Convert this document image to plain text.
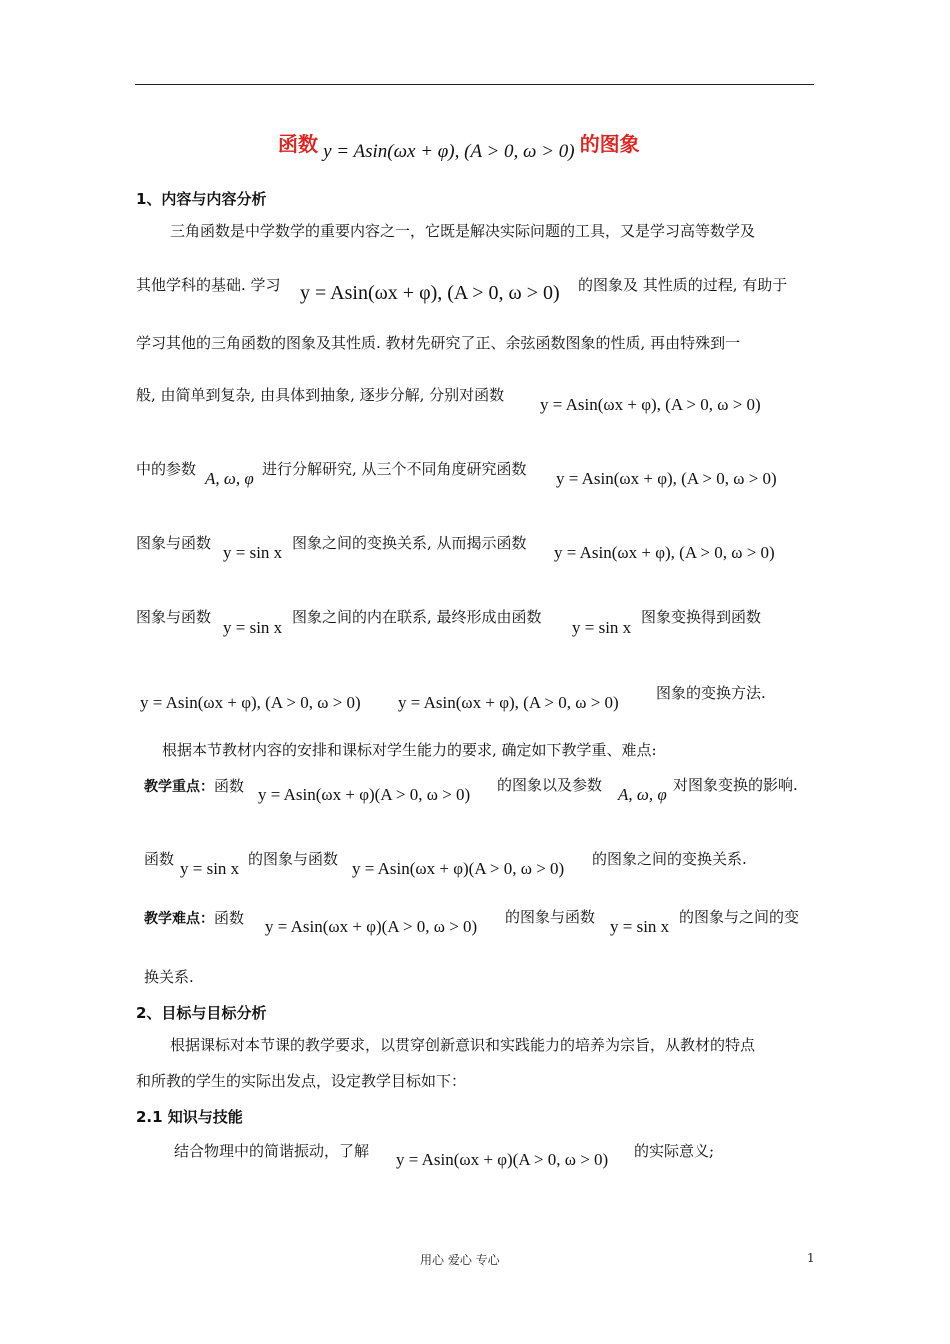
函数 y = Asin(ωx + φ), (A > 0, ω > 0) 的图象
1、内容与内容分析
三角函数是中学数学的重要内容之一，它既是解决实际问题的工具，又是学习高等数学及
其他学科的基础. 学习 y = Asin(ωx + φ), (A > 0, ω > 0) 的图象及 其性质的过程, 有助于
学习其他的三角函数的图象及其性质. 教材先研究了正、余弦函数图象的性质, 再由特殊到一
般, 由简单到复杂, 由具体到抽象, 逐步分解, 分别对函数 y = Asin(ωx + φ), (A > 0, ω > 0)
中的参数 A, ω, φ 进行分解研究, 从三个不同角度研究函数 y = Asin(ωx + φ), (A > 0, ω > 0)
图象与函数 y = sin x 图象之间的变换关系, 从而揭示函数 y = Asin(ωx + φ), (A > 0, ω > 0)
图象与函数
y = sin x
图象之间的内在联系, 最终形成由函数
y = sin x
图象变换得到函数
y = Asin(ωx + φ), (A > 0, ω > 0) y = Asin(ωx + φ), (A > 0, ω > 0) 图象的变换方法.
根据本节教材内容的安排和课标对学生能力的要求, 确定如下教学重、难点:
教学重点：函数 y = Asin(ωx + φ)(A > 0, ω > 0) 的图象以及参数 A, ω, φ 对图象变换的影响.
函数 y = sin x 的图象与函数 y = Asin(ωx + φ)(A > 0, ω > 0) 的图象之间的变换关系.
教学难点：函数 y = Asin(ωx + φ)(A > 0, ω > 0) 的图象与函数 y = sin x 的图象与之间的变
换关系.
2、目标与目标分析
根据课标对本节课的教学要求，以贯穿创新意识和实践能力的培养为宗旨，从教材的特点
和所教的学生的实际出发点，设定教学目标如下：
2.1 知识与技能
结合物理中的简谐振动，了解 y = Asin(ωx + φ)(A > 0, ω > 0) 的实际意义;
用心 爱心 专心	1
